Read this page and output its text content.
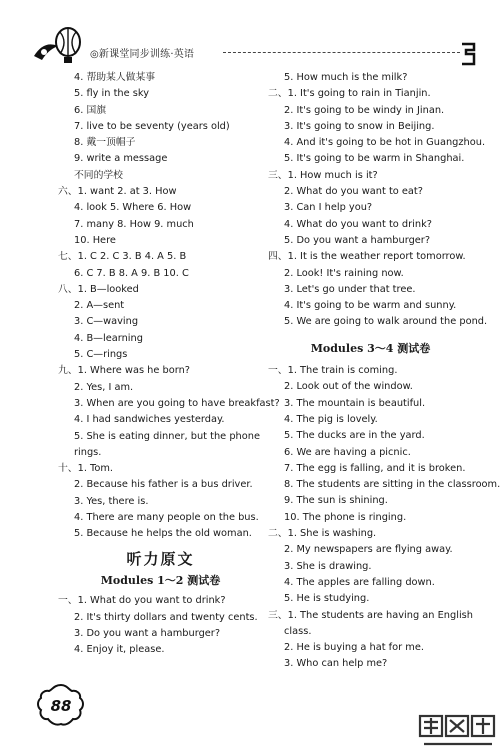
◎新课堂同步训练·英语
4. 帮助某人做某事
5. fly in the sky
6. 国旗
7. live to be seventy (years old)
8. 戴一顶帽子
9. write a message
不同的学校
六、1. want 2. at 3. How
4. look 5. Where 6. How
7. many 8. How 9. much
10. Here
七、1. C 2. C 3. B 4. A 5. B
6. C 7. B 8. A 9. B 10. C
八、1. B—looked
2. A—sent
3. C—waving
4. B—learning
5. C—rings
九、1. Where was he born?
2. Yes, I am.
3. When are you going to have breakfast?
4. I had sandwiches yesterday.
5. She is eating dinner, but the phone
rings.
十、1. Tom.
2. Because his father is a bus driver.
3. Yes, there is.
4. There are many people on the bus.
5. Because he helps the old woman.
听力原文
Modules 1～2 测试卷
一、1. What do you want to drink?
2. It's thirty dollars and twenty cents.
3. Do you want a hamburger?
4. Enjoy it, please.
5. How much is the milk?
二、1. It's going to rain in Tianjin.
2. It's going to be windy in Jinan.
3. It's going to snow in Beijing.
4. And it's going to be hot in Guangzhou.
5. It's going to be warm in Shanghai.
三、1. How much is it?
2. What do you want to eat?
3. Can I help you?
4. What do you want to drink?
5. Do you want a hamburger?
四、1. It is the weather report tomorrow.
2. Look! It's raining now.
3. Let's go under that tree.
4. It's going to be warm and sunny.
5. We are going to walk around the pond.
Modules 3～4 测试卷
一、1. The train is coming.
2. Look out of the window.
3. The mountain is beautiful.
4. The pig is lovely.
5. The ducks are in the yard.
6. We are having a picnic.
7. The egg is falling, and it is broken.
8. The students are sitting in the classroom.
9. The sun is shining.
10. The phone is ringing.
二、1. She is washing.
2. My newspapers are flying away.
3. She is drawing.
4. The apples are falling down.
5. He is studying.
三、1. The students are having an English
class.
2. He is buying a hat for me.
3. Who can help me?
88
